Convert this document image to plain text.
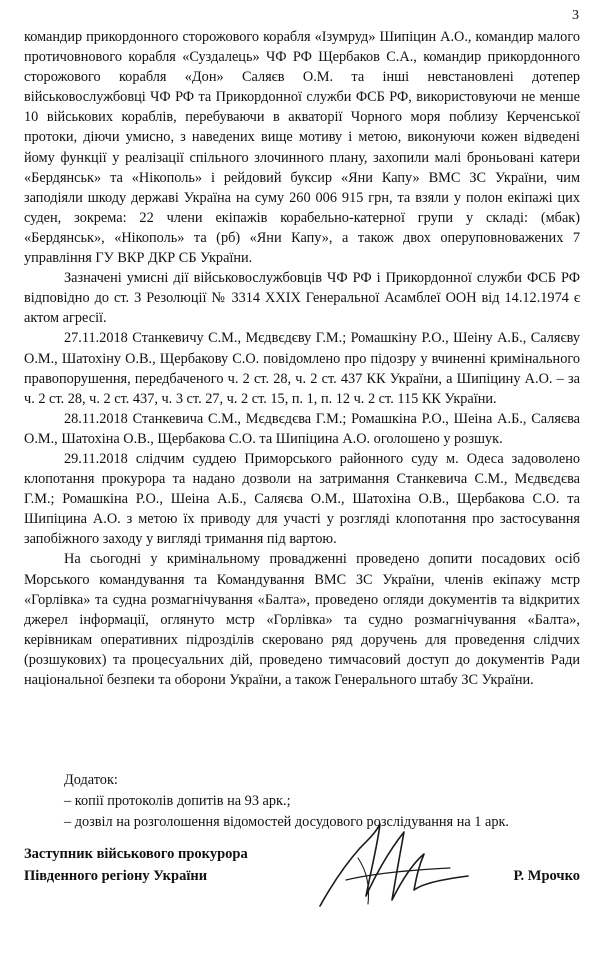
3

командир прикордонного сторожового корабля «Ізумруд» Шипіцин А.О., командир малого протичовнового корабля «Суздалець» ЧФ РФ Щербаков С.А., командир прикордонного сторожового корабля «Дон» Саляєв О.М. та інші невстановлені дотепер військовослужбовці ЧФ РФ та Прикордонної служби ФСБ РФ, використовуючи не менше 10 військових кораблів, перебуваючи в акваторії Чорного моря поблизу Керченської протоки, діючи умисно, з наведених вище мотиву і метою, виконуючи кожен відведені йому функції у реалізації спільного злочинного плану, захопили малі броньовані катери «Бердянськ» та «Нікополь» і рейдовий буксир «Яни Капу» ВМС ЗС України, чим заподіяли шкоду державі Україна на суму 260 006 915 грн, та взяли у полон екіпажі цих суден, зокрема: 22 члени екіпажів корабельно-катерної групи у складі: (мбак) «Бердянськ», «Нікополь» та (рб) «Яни Капу», а також двох оперуповноважених 7 управління ГУ ВКР ДКР СБ України.

Зазначені умисні дії військовослужбовців ЧФ РФ і Прикордонної служби ФСБ РФ відповідно до ст. 3 Резолюції № 3314 ХХІХ Генеральної Асамблеї ООН від 14.12.1974 є актом агресії.

27.11.2018 Станкевичу С.М., Мєдвєдєву Г.М.; Ромашкіну Р.О., Шеіну А.Б., Саляєву О.М., Шатохіну О.В., Щербакову С.О. повідомлено про підозру у вчиненні кримінального правопорушення, передбаченого ч. 2 ст. 28, ч. 2 ст. 437 КК України, а Шипіцину А.О. – за ч. 2 ст. 28, ч. 2 ст. 437, ч. 3 ст. 27, ч. 2 ст. 15, п. 1, п. 12 ч. 2 ст. 115 КК України.

28.11.2018 Станкевича С.М., Мєдвєдєва Г.М.; Ромашкіна Р.О., Шеіна А.Б., Саляєва О.М., Шатохіна О.В., Щербакова С.О. та Шипіцина А.О. оголошено у розшук.

29.11.2018 слідчим суддею Приморського районного суду м. Одеса задоволено клопотання прокурора та надано дозволи на затримання Станкевича С.М., Мєдвєдєва Г.М.; Ромашкіна Р.О., Шеіна А.Б., Саляєва О.М., Шатохіна О.В., Щербакова С.О. та Шипіцина А.О. з метою їх приводу для участі у розгляді клопотання про застосування запобіжного заходу у вигляді тримання під вартою.

На сьогодні у кримінальному провадженні проведено допити посадових осіб Морського командування та Командування ВМС ЗС України, членів екіпажу мстр «Горлівка» та судна розмагнічування «Балта», проведено огляди документів та відкритих джерел інформації, оглянуто мстр «Горлівка» та судно розмагнічування «Балта», керівникам оперативних підрозділів скеровано ряд доручень для проведення слідчих (розшукових) та процесуальних дій, проведено тимчасовий доступ до документів Ради національної безпеки та оборони України, а також Генерального штабу ЗС України.

Додаток:
– копії протоколів допитів на 93 арк.;
– дозвіл на розголошення відомостей досудового розслідування на 1 арк.
Заступник військового прокурора
Південного регіону України	Р. Мрочко
